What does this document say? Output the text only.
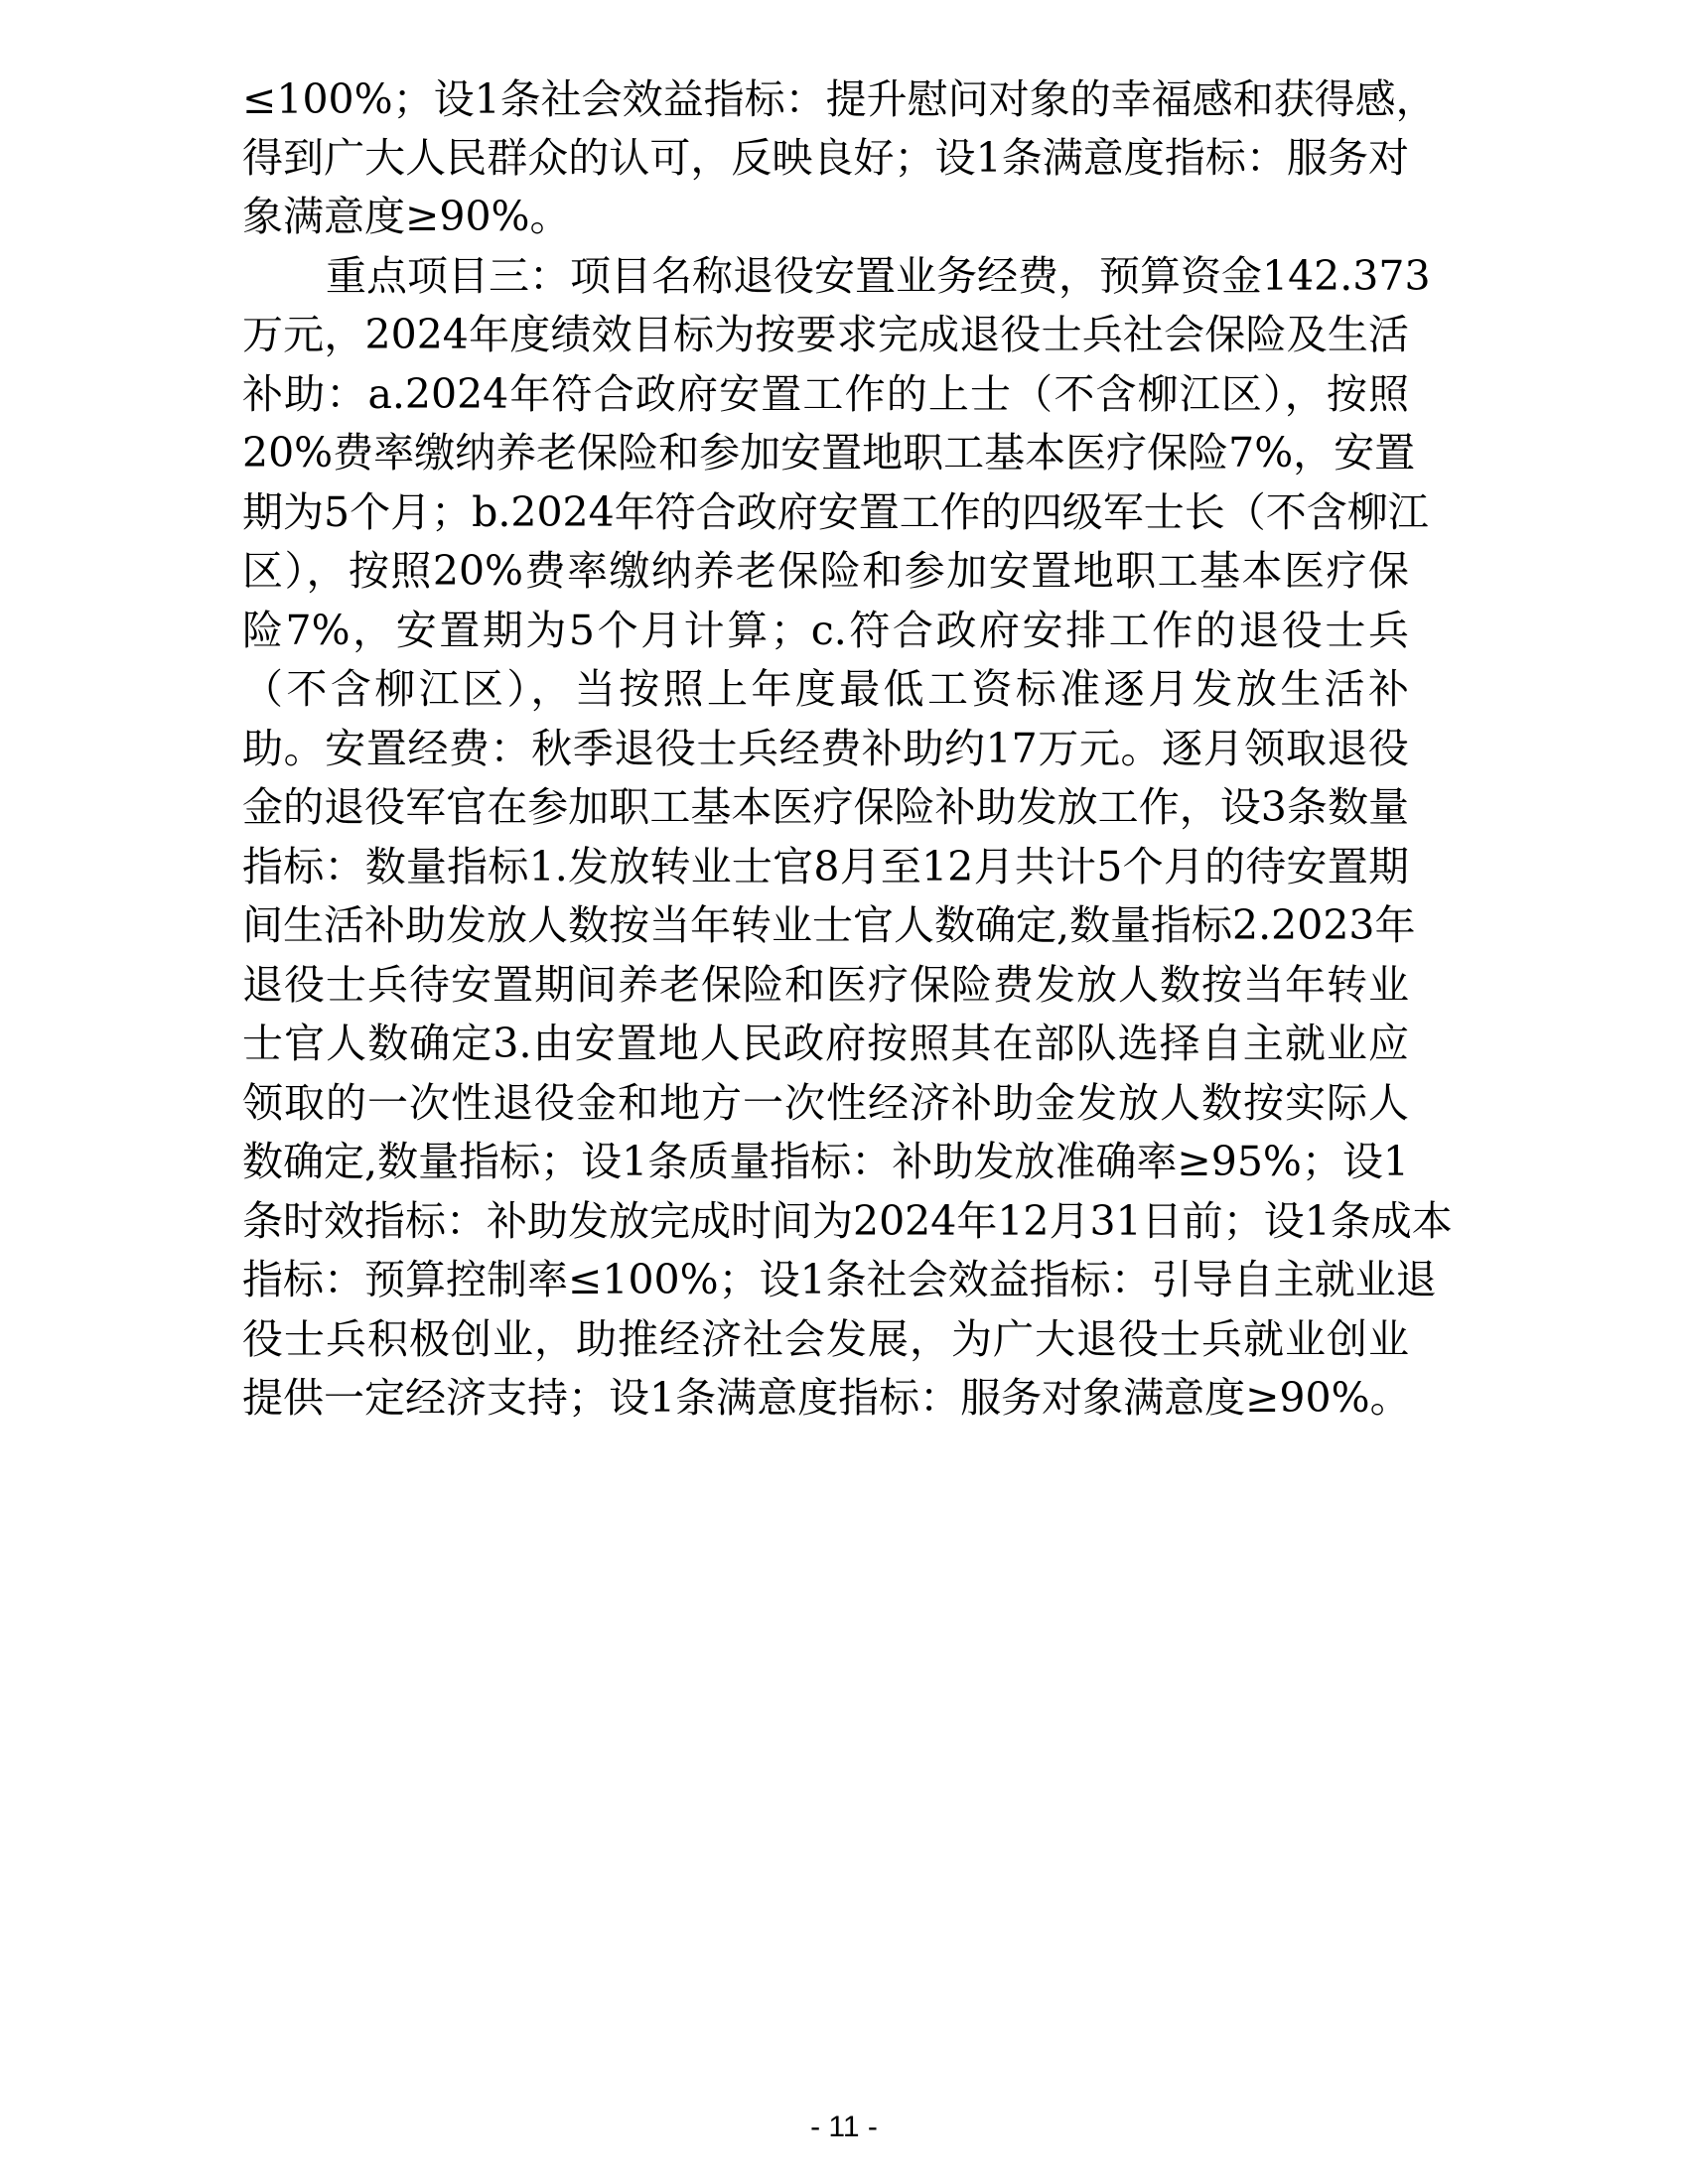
≤100%；设1条社会效益指标：提升慰问对象的幸福感和获得感，
得到广大人民群众的认可，反映良好；设1条满意度指标：服务对
象满意度≥90%。
重点项目三：项目名称退役安置业务经费，预算资金142.373
万元，2024年度绩效目标为按要求完成退役士兵社会保险及生活
补助：a.2024年符合政府安置工作的上士（不含柳江区），按照
20%费率缴纳养老保险和参加安置地职工基本医疗保险7%，安置
期为5个月；b.2024年符合政府安置工作的四级军士长（不含柳江
区），按照20%费率缴纳养老保险和参加安置地职工基本医疗保
险7%，安置期为5个月计算；c.符合政府安排工作的退役士兵
（不含柳江区），当按照上年度最低工资标准逐月发放生活补
助。安置经费：秋季退役士兵经费补助约17万元。逐月领取退役
金的退役军官在参加职工基本医疗保险补助发放工作，设3条数量
指标：数量指标1.发放转业士官8月至12月共计5个月的待安置期
间生活补助发放人数按当年转业士官人数确定,数量指标2.2023年
退役士兵待安置期间养老保险和医疗保险费发放人数按当年转业
士官人数确定3.由安置地人民政府按照其在部队选择自主就业应
领取的一次性退役金和地方一次性经济补助金发放人数按实际人
数确定,数量指标；设1条质量指标：补助发放准确率≥95%；设1
条时效指标：补助发放完成时间为2024年12月31日前；设1条成本
指标：预算控制率≤100%；设1条社会效益指标：引导自主就业退
役士兵积极创业，助推经济社会发展，为广大退役士兵就业创业
提供一定经济支持；设1条满意度指标：服务对象满意度≥90%。
- 11 -
